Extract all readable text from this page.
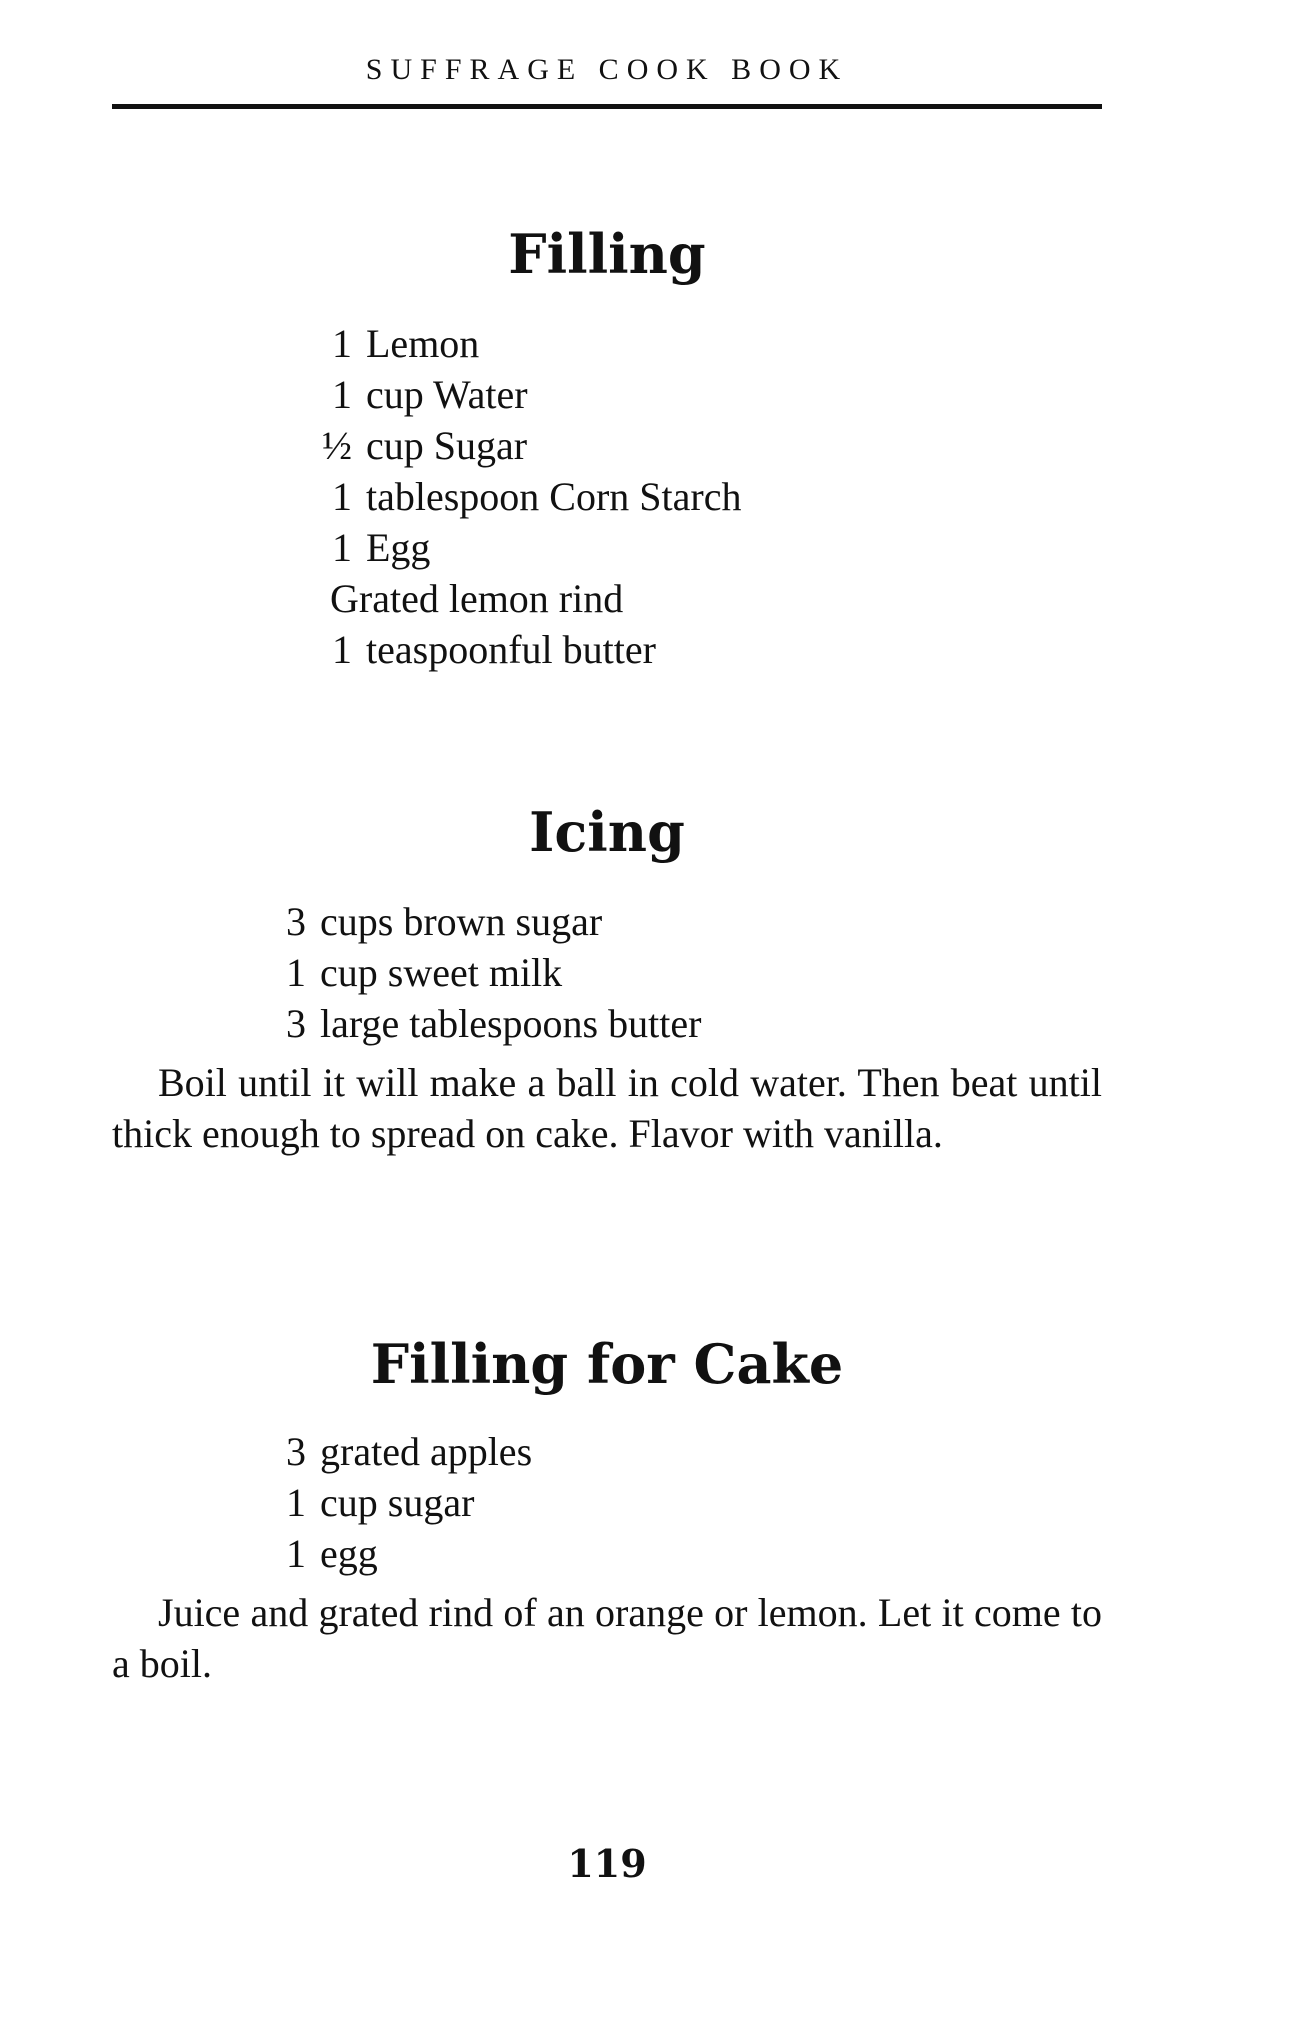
SUFFRAGE COOK BOOK
Filling
1 Lemon
1 cup Water
½ cup Sugar
1 tablespoon Corn Starch
1 Egg
Grated lemon rind
1 teaspoonful butter
Icing
3 cups brown sugar
1 cup sweet milk
3 large tablespoons butter

Boil until it will make a ball in cold water. Then beat until thick enough to spread on cake. Flavor with vanilla.

Filling for Cake
3 grated apples
1 cup sugar
1 egg

Juice and grated rind of an orange or lemon. Let it come to a boil.

119
